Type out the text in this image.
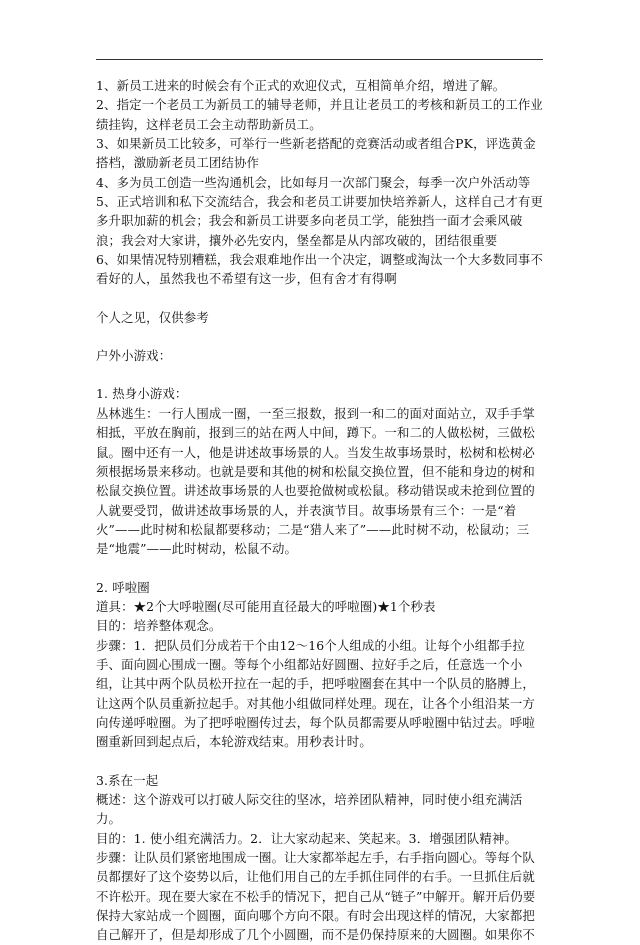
1、新员工进来的时候会有个正式的欢迎仪式，互相简单介绍，增进了解。

2、指定一个老员工为新员工的辅导老师，并且让老员工的考核和新员工的工作业绩挂钩，这样老员工会主动帮助新员工。

3、如果新员工比较多，可举行一些新老搭配的竞赛活动或者组合PK，评选黄金搭档，激励新老员工团结协作

4、多为员工创造一些沟通机会，比如每月一次部门聚会，每季一次户外活动等

5、正式培训和私下交流结合，我会和老员工讲要加快培养新人，这样自己才有更多升职加薪的机会；我会和新员工讲要多向老员工学，能独挡一面才会乘风破浪；我会对大家讲，攘外必先安内，堡垒都是从内部攻破的，团结很重要

6、如果情况特别糟糕，我会艰难地作出一个决定，调整或淘汰一个大多数同事不看好的人，虽然我也不希望有这一步，但有舍才有得啊

个人之见，仅供参考

户外小游戏：

1. 热身小游戏：

丛林逃生：一行人围成一圈，一至三报数，报到一和二的面对面站立，双手手掌相抵，平放在胸前，报到三的站在两人中间，蹲下。一和二的人做松树，三做松鼠。圈中还有一人，他是讲述故事场景的人。当发生故事场景时，松树和松树必须根据场景来移动。也就是要和其他的树和松鼠交换位置，但不能和身边的树和松鼠交换位置。讲述故事场景的人也要抢做树或松鼠。移动错误或未抢到位置的人就要受罚，做讲述故事场景的人，并表演节目。故事场景有三个：一是“着火”——此时树和松鼠都要移动；二是“猎人来了”——此时树不动，松鼠动；三是“地震”——此时树动，松鼠不动。

2. 呼啦圈

道具：★2个大呼啦圈(尽可能用直径最大的呼啦圈)★1个秒表

目的：培养整体观念。

步骤：1．把队员们分成若干个由12～16个人组成的小组。让每个小组都手拉手、面向圆心围成一圈。等每个小组都站好圆圈、拉好手之后，任意选一个小组，让其中两个队员松开拉在一起的手，把呼啦圈套在其中一个队员的胳膊上，让这两个队员重新拉起手。对其他小组做同样处理。现在，让各个小组沿某一方向传递呼啦圈。为了把呼啦圈传过去，每个队员都需要从呼啦圈中钻过去。呼啦圈重新回到起点后，本轮游戏结束。用秒表计时。

3.系在一起

概述：这个游戏可以打破人际交往的坚冰，培养团队精神，同时使小组充满活力。

目的：1. 使小组充满活力。2．让大家动起来、笑起来。3．增强团队精神。

步骤：让队员们紧密地围成一圈。让大家都举起左手，右手指向圆心。等每个队员都摆好了这个姿势以后，让他们用自己的左手抓住同伴的右手。一旦抓住后就不许松开。现在要大家在不松手的情况下，把自己从“链子”中解开。解开后仍要保持大家站成一个圆圈，面向哪个方向不限。有时会出现这样的情况，大家都把自己解开了，但是却形成了几个小圆圈，而不是仍保持原来的大圆圈。如果你不
